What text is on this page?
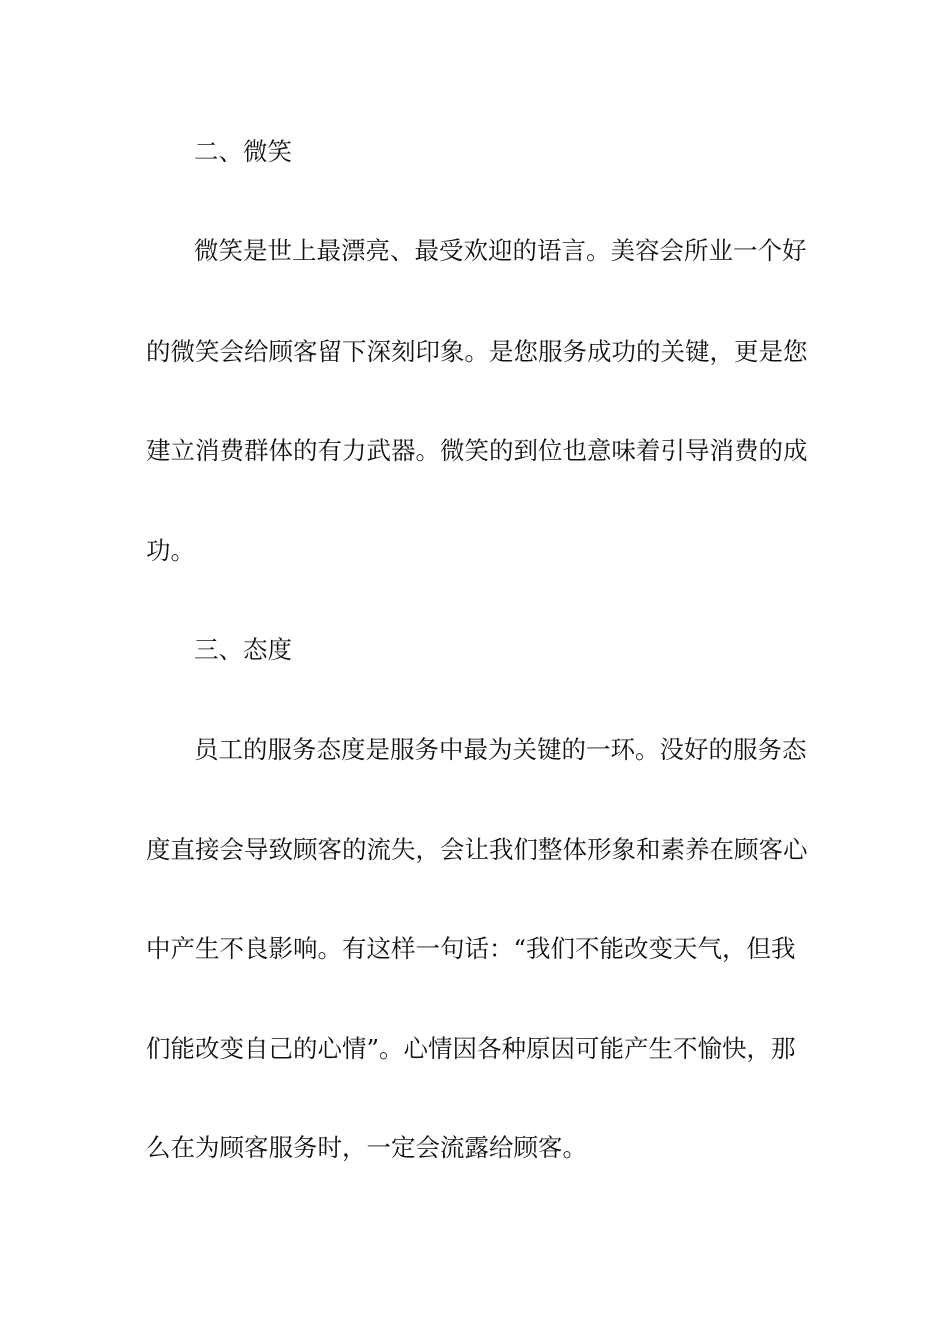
二、微笑
微笑是世上最漂亮、最受欢迎的语言。美容会所业一个好
的微笑会给顾客留下深刻印象。是您服务成功的关键，更是您
建立消费群体的有力武器。微笑的到位也意味着引导消费的成
功。
三、态度
员工的服务态度是服务中最为关键的一环。没好的服务态
度直接会导致顾客的流失，会让我们整体形象和素养在顾客心
中产生不良影响。有这样一句话：“我们不能改变天气，但我
们能改变自己的心情”。心情因各种原因可能产生不愉快，那
么在为顾客服务时，一定会流露给顾客。
